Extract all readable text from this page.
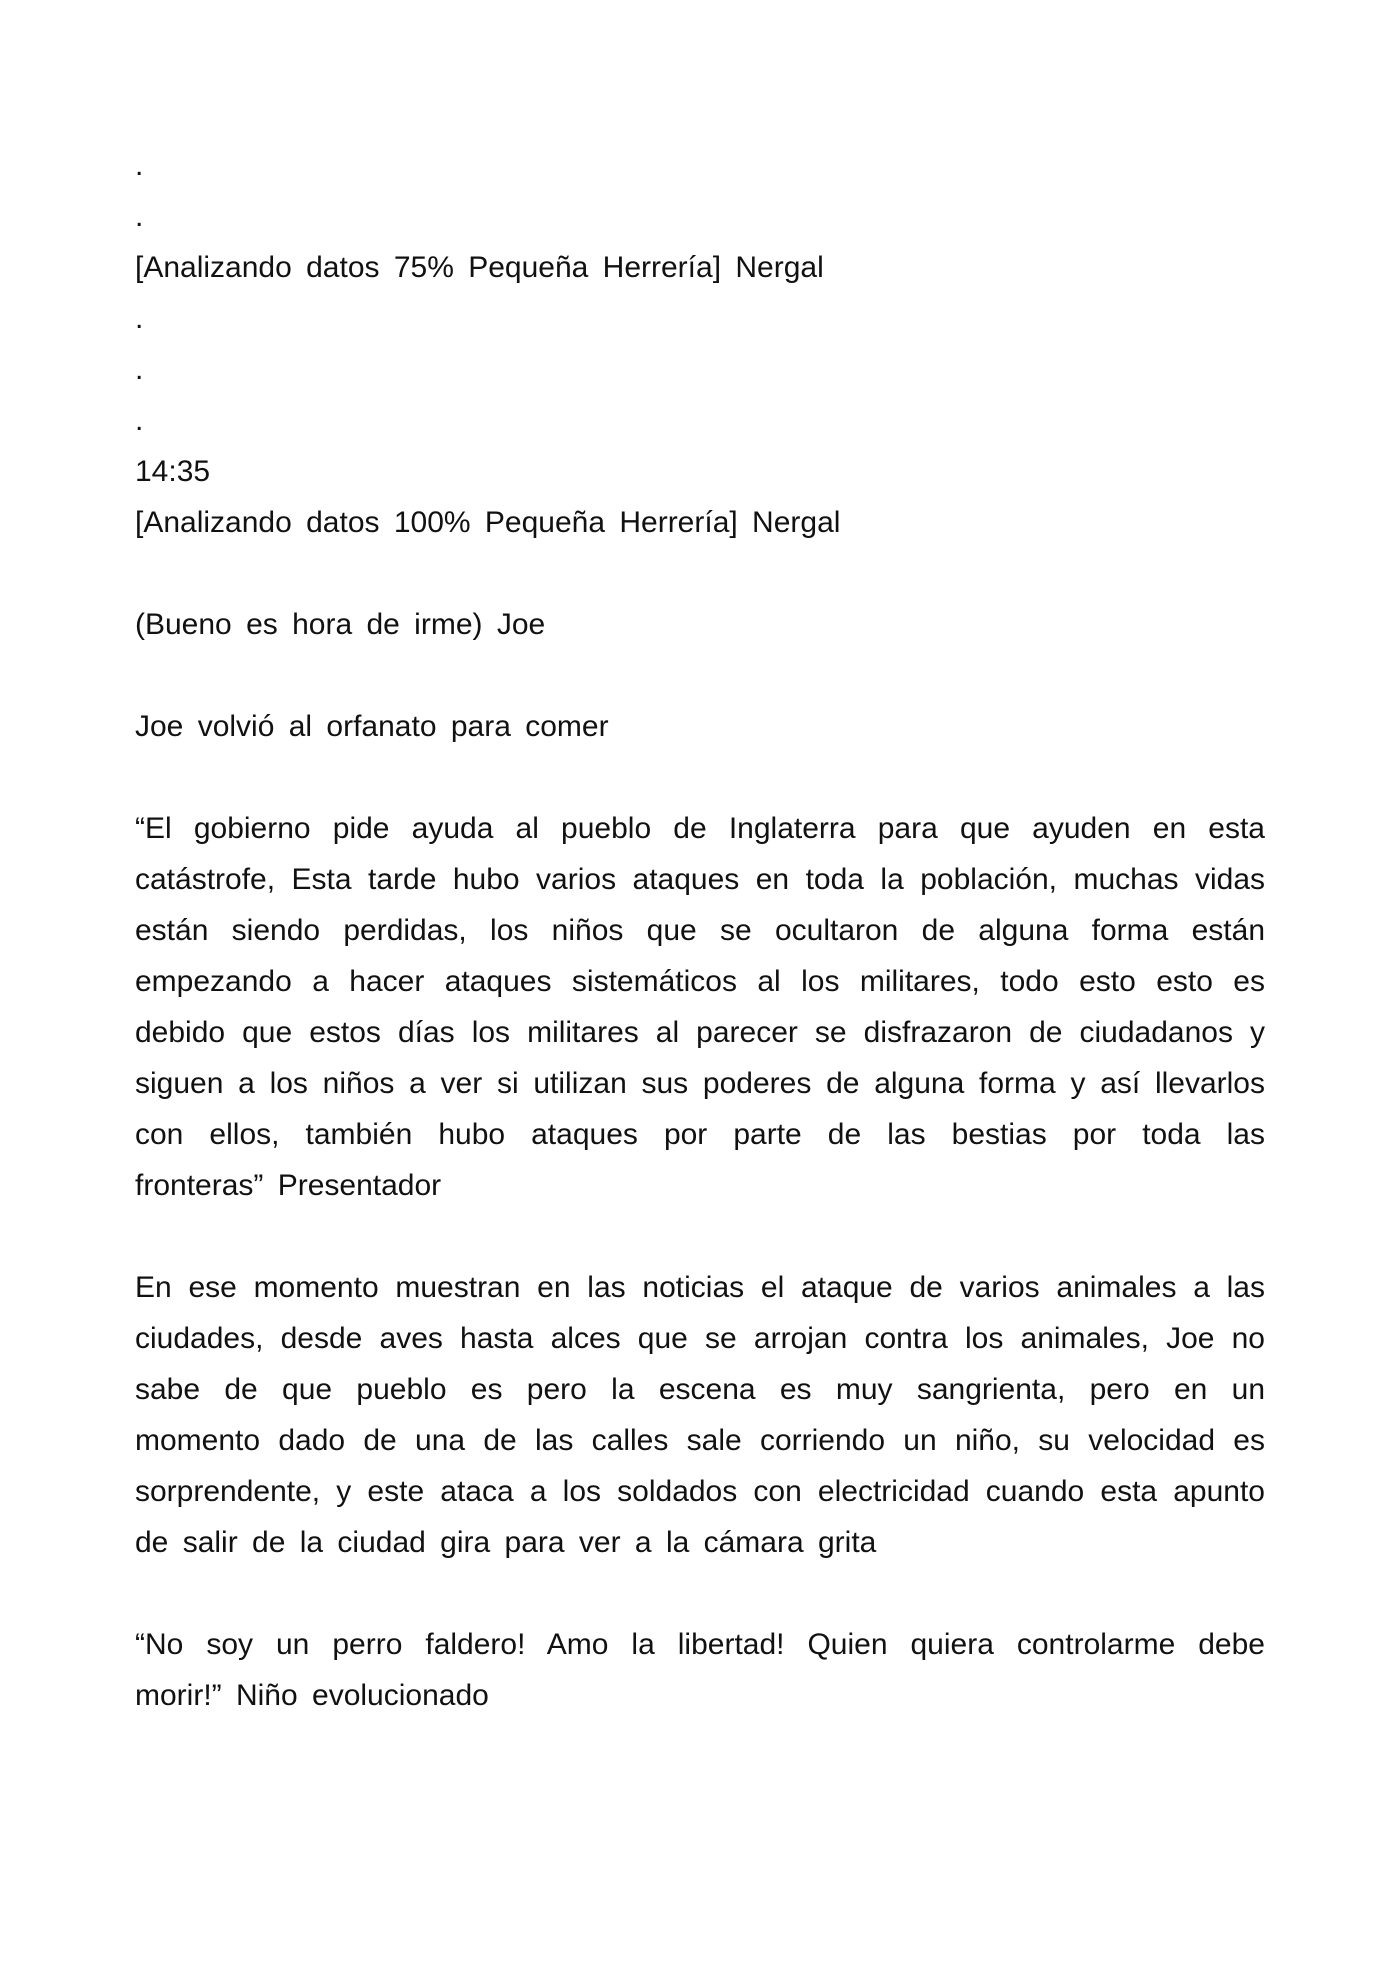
.

.

[Analizando datos 75% Pequeña Herrería] Nergal

.

.

.

14:35

[Analizando datos 100% Pequeña Herrería] Nergal

(Bueno es hora de irme) Joe

Joe volvió al orfanato para comer

“El gobierno pide ayuda al pueblo de Inglaterra para que ayuden en esta catástrofe, Esta tarde hubo varios ataques en toda la población, muchas vidas están siendo perdidas, los niños que se ocultaron de alguna forma están empezando a hacer ataques sistemáticos al los militares, todo esto esto es debido que estos días los militares al parecer se disfrazaron de ciudadanos y siguen a los niños a ver si utilizan sus poderes de alguna forma y así llevarlos con ellos, también hubo ataques por parte de las bestias por toda las fronteras” Presentador

En ese momento muestran en las noticias el ataque de varios animales a las ciudades, desde aves hasta alces que se arrojan contra los animales, Joe no sabe de que pueblo es pero la escena es muy sangrienta, pero en un momento dado de una de las calles sale corriendo un niño, su velocidad es sorprendente, y este ataca a los soldados con electricidad cuando esta apunto de salir de la ciudad gira para ver a la cámara grita

“No soy un perro faldero! Amo la libertad! Quien quiera controlarme debe morir!” Niño evolucionado
